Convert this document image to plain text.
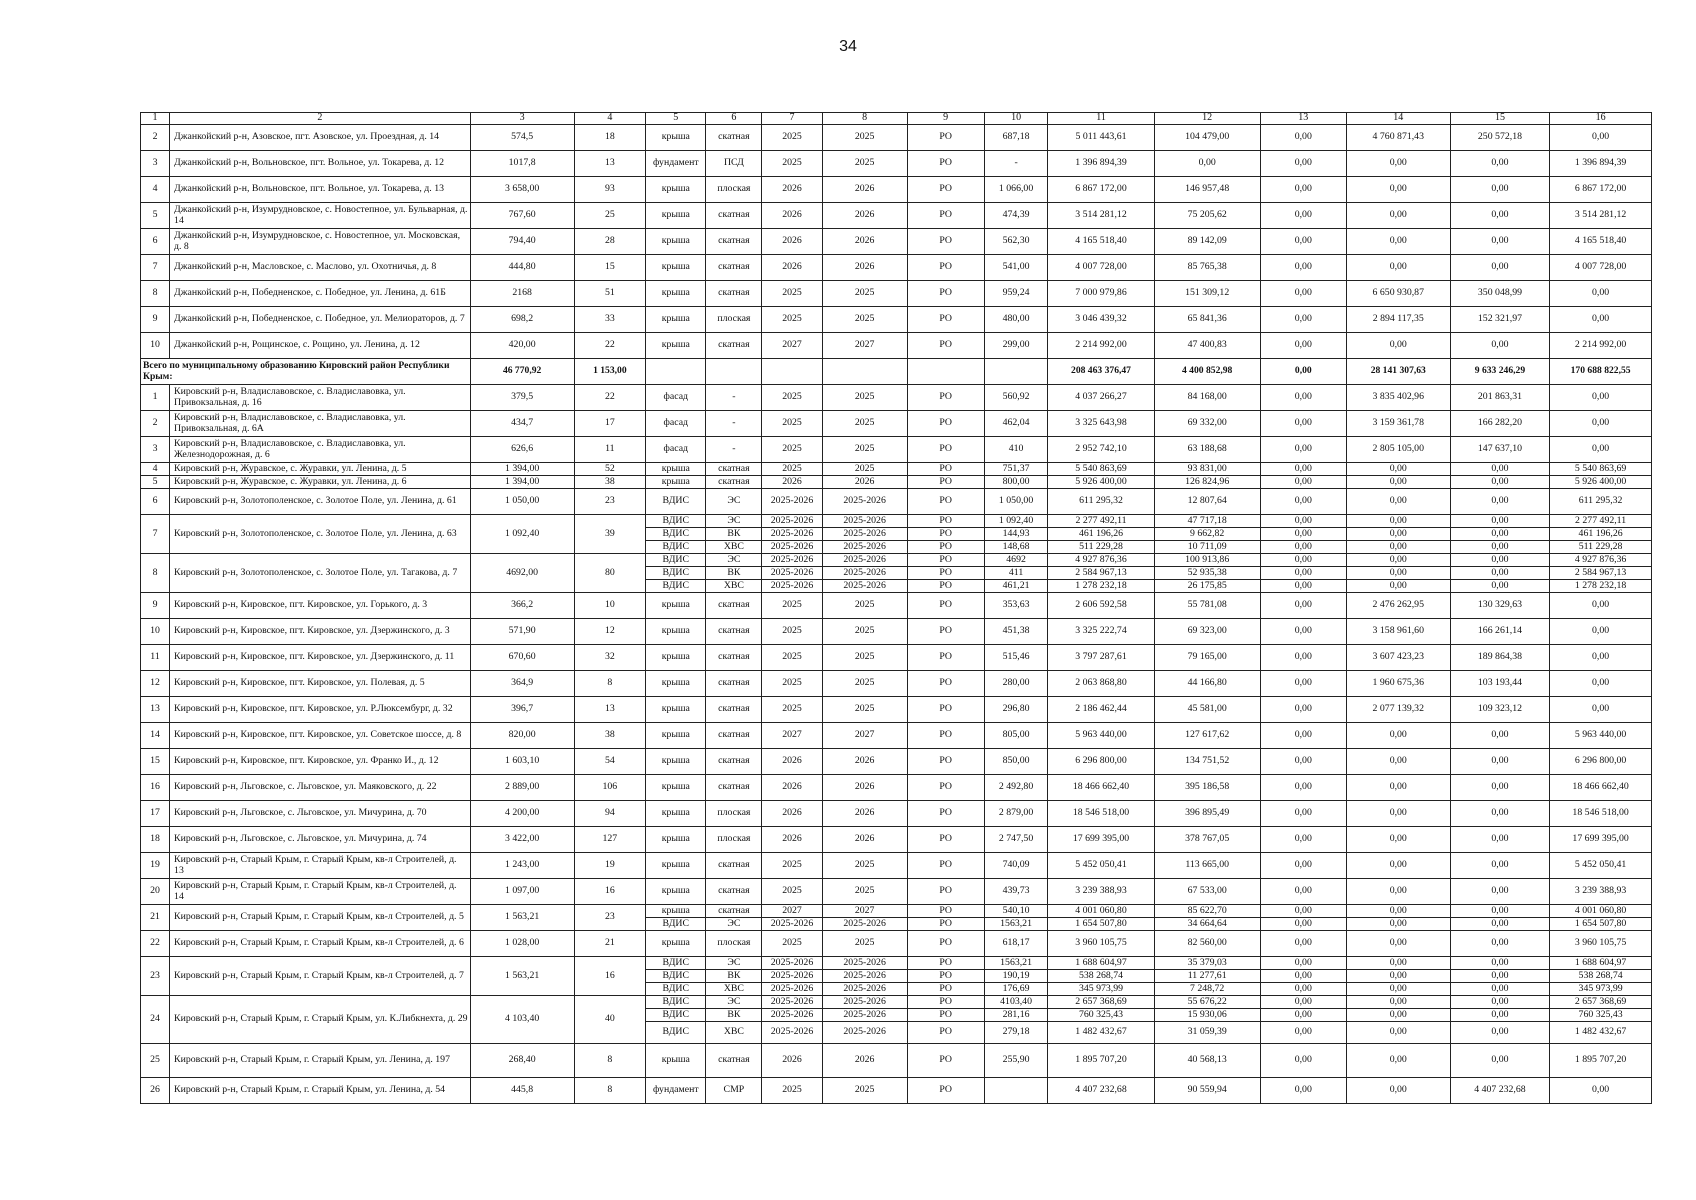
34
1	2	3	4	5	6	7	8	9	10	11	12	13	14	15	16
2	Джанкойский р-н, Азовское, пгт. Азовское, ул. Проездная, д. 14	574,5	18	крыша	скатная	2025	2025	РО	687,18	5 011 443,61	104 479,00	0,00	4 760 871,43	250 572,18	0,00
3	Джанкойский р-н, Вольновское, пгт. Вольное, ул. Токарева, д. 12	1017,8	13	фундамент	ПСД	2025	2025	РО	-	1 396 894,39	0,00	0,00	0,00	0,00	1 396 894,39
4	Джанкойский р-н, Вольновское, пгт. Вольное, ул. Токарева, д. 13	3 658,00	93	крыша	плоская	2026	2026	РО	1 066,00	6 867 172,00	146 957,48	0,00	0,00	0,00	6 867 172,00
5	Джанкойский р-н, Изумрудновское, с. Новостепное, ул. Бульварная, д. 14	767,60	25	крыша	скатная	2026	2026	РО	474,39	3 514 281,12	75 205,62	0,00	0,00	0,00	3 514 281,12
6	Джанкойский р-н, Изумрудновское, с. Новостепное, ул. Московская, д. 8	794,40	28	крыша	скатная	2026	2026	РО	562,30	4 165 518,40	89 142,09	0,00	0,00	0,00	4 165 518,40
7	Джанкойский р-н, Масловское, с. Маслово, ул. Охотничья, д. 8	444,80	15	крыша	скатная	2026	2026	РО	541,00	4 007 728,00	85 765,38	0,00	0,00	0,00	4 007 728,00
8	Джанкойский р-н, Победненское, с. Победное, ул. Ленина, д. 61Б	2168	51	крыша	скатная	2025	2025	РО	959,24	7 000 979,86	151 309,12	0,00	6 650 930,87	350 048,99	0,00
9	Джанкойский р-н, Победненское, с. Победное, ул. Мелиораторов, д. 7	698,2	33	крыша	плоская	2025	2025	РО	480,00	3 046 439,32	65 841,36	0,00	2 894 117,35	152 321,97	0,00
10	Джанкойский р-н, Рощинское, с. Рощино, ул. Ленина, д. 12	420,00	22	крыша	скатная	2027	2027	РО	299,00	2 214 992,00	47 400,83	0,00	0,00	0,00	2 214 992,00
Всего по муниципальному образованию Кировский район Республики Крым:		46 770,92	1 153,00							208 463 376,47	4 400 852,98	0,00	28 141 307,63	9 633 246,29	170 688 822,55
1	Кировский р-н, Владиславовское, с. Владиславовка, ул. Привокзальная, д. 16	379,5	22	фасад	-	2025	2025	РО	560,92	4 037 266,27	84 168,00	0,00	3 835 402,96	201 863,31	0,00
2	Кировский р-н, Владиславовское, с. Владиславовка, ул. Привокзальная, д. 6А	434,7	17	фасад	-	2025	2025	РО	462,04	3 325 643,98	69 332,00	0,00	3 159 361,78	166 282,20	0,00
3	Кировский р-н, Владиславовское, с. Владиславовка, ул. Железнодорожная, д. 6	626,6	11	фасад	-	2025	2025	РО	410	2 952 742,10	63 188,68	0,00	2 805 105,00	147 637,10	0,00
4	Кировский р-н, Журавское, с. Журавки, ул. Ленина, д. 5	1 394,00	52	крыша	скатная	2025	2025	РО	751,37	5 540 863,69	93 831,00	0,00	0,00	0,00	5 540 863,69
5	Кировский р-н, Журавское, с. Журавки, ул. Ленина, д. 6	1 394,00	38	крыша	скатная	2026	2026	РО	800,00	5 926 400,00	126 824,96	0,00	0,00	0,00	5 926 400,00
6	Кировский р-н, Золотополенское, с. Золотое Поле, ул. Ленина, д. 61	1 050,00	23	ВДИС	ЭС	2025-2026	2025-2026	РО	1 050,00	611 295,32	12 807,64	0,00	0,00	0,00	611 295,32
7	Кировский р-н, Золотополенское, с. Золотое Поле, ул. Ленина, д. 63	1 092,40	39	ВДИС	ЭС	2025-2026	2025-2026	РО	1 092,40	2 277 492,11	47 717,18	0,00	0,00	0,00	2 277 492,11
				ВДИС	ВК	2025-2026	2025-2026	РО	144,93	461 196,26	9 662,82	0,00	0,00	0,00	461 196,26
				ВДИС	ХВС	2025-2026	2025-2026	РО	148,68	511 229,28	10 711,09	0,00	0,00	0,00	511 229,28
8	Кировский р-н, Золотополенское, с. Золотое Поле, ул. Тагакова, д. 7	4692,00	80	ВДИС	ЭС	2025-2026	2025-2026	РО	4692	4 927 876,36	100 913,86	0,00	0,00	0,00	4 927 876,36
				ВДИС	ВК	2025-2026	2025-2026	РО	411	2 584 967,13	52 935,38	0,00	0,00	0,00	2 584 967,13
				ВДИС	ХВС	2025-2026	2025-2026	РО	461,21	1 278 232,18	26 175,85	0,00	0,00	0,00	1 278 232,18
9	Кировский р-н, Кировское, пгт. Кировское, ул. Горького, д. 3	366,2	10	крыша	скатная	2025	2025	РО	353,63	2 606 592,58	55 781,08	0,00	2 476 262,95	130 329,63	0,00
10	Кировский р-н, Кировское, пгт. Кировское, ул. Дзержинского, д. 3	571,90	12	крыша	скатная	2025	2025	РО	451,38	3 325 222,74	69 323,00	0,00	3 158 961,60	166 261,14	0,00
11	Кировский р-н, Кировское, пгт. Кировское, ул. Дзержинского, д. 11	670,60	32	крыша	скатная	2025	2025	РО	515,46	3 797 287,61	79 165,00	0,00	3 607 423,23	189 864,38	0,00
12	Кировский р-н, Кировское, пгт. Кировское, ул. Полевая, д. 5	364,9	8	крыша	скатная	2025	2025	РО	280,00	2 063 868,80	44 166,80	0,00	1 960 675,36	103 193,44	0,00
13	Кировский р-н, Кировское, пгт. Кировское, ул. Р.Люксембург, д. 32	396,7	13	крыша	скатная	2025	2025	РО	296,80	2 186 462,44	45 581,00	0,00	2 077 139,32	109 323,12	0,00
14	Кировский р-н, Кировское, пгт. Кировское, ул. Советское шоссе, д. 8	820,00	38	крыша	скатная	2027	2027	РО	805,00	5 963 440,00	127 617,62	0,00	0,00	0,00	5 963 440,00
15	Кировский р-н, Кировское, пгт. Кировское, ул. Франко И., д. 12	1 603,10	54	крыша	скатная	2026	2026	РО	850,00	6 296 800,00	134 751,52	0,00	0,00	0,00	6 296 800,00
16	Кировский р-н, Льговское, с. Льговское, ул. Маяковского, д. 22	2 889,00	106	крыша	скатная	2026	2026	РО	2 492,80	18 466 662,40	395 186,58	0,00	0,00	0,00	18 466 662,40
17	Кировский р-н, Льговское, с. Льговское, ул. Мичурина, д. 70	4 200,00	94	крыша	плоская	2026	2026	РО	2 879,00	18 546 518,00	396 895,49	0,00	0,00	0,00	18 546 518,00
18	Кировский р-н, Льговское, с. Льговское, ул. Мичурина, д. 74	3 422,00	127	крыша	плоская	2026	2026	РО	2 747,50	17 699 395,00	378 767,05	0,00	0,00	0,00	17 699 395,00
19	Кировский р-н, Старый Крым, г. Старый Крым, кв-л Строителей, д. 13	1 243,00	19	крыша	скатная	2025	2025	РО	740,09	5 452 050,41	113 665,00	0,00	0,00	0,00	5 452 050,41
20	Кировский р-н, Старый Крым, г. Старый Крым, кв-л Строителей, д. 14	1 097,00	16	крыша	скатная	2025	2025	РО	439,73	3 239 388,93	67 533,00	0,00	0,00	0,00	3 239 388,93
21	Кировский р-н, Старый Крым, г. Старый Крым, кв-л Строителей, д. 5	1 563,21	23	крыша	скатная	2027	2027	РО	540,10	4 001 060,80	85 622,70	0,00	0,00	0,00	4 001 060,80
				ВДИС	ЭС	2025-2026	2025-2026	РО	1563,21	1 654 507,80	34 664,64	0,00	0,00	0,00	1 654 507,80
22	Кировский р-н, Старый Крым, г. Старый Крым, кв-л Строителей, д. 6	1 028,00	21	крыша	плоская	2025	2025	РО	618,17	3 960 105,75	82 560,00	0,00	0,00	0,00	3 960 105,75
23	Кировский р-н, Старый Крым, г. Старый Крым, кв-л Строителей, д. 7	1 563,21	16	ВДИС	ЭС	2025-2026	2025-2026	РО	1563,21	1 688 604,97	35 379,03	0,00	0,00	0,00	1 688 604,97
				ВДИС	ВК	2025-2026	2025-2026	РО	190,19	538 268,74	11 277,61	0,00	0,00	0,00	538 268,74
				ВДИС	ХВС	2025-2026	2025-2026	РО	176,69	345 973,99	7 248,72	0,00	0,00	0,00	345 973,99
24	Кировский р-н, Старый Крым, г. Старый Крым, ул. К.Либкнехта, д. 29	4 103,40	40	ВДИС	ЭС	2025-2026	2025-2026	РО	4103,40	2 657 368,69	55 676,22	0,00	0,00	0,00	2 657 368,69
				ВДИС	ВК	2025-2026	2025-2026	РО	281,16	760 325,43	15 930,06	0,00	0,00	0,00	760 325,43
				ВДИС	ХВС	2025-2026	2025-2026	РО	279,18	1 482 432,67	31 059,39	0,00	0,00	0,00	1 482 432,67
25	Кировский р-н, Старый Крым, г. Старый Крым, ул. Ленина, д. 197	268,40	8	крыша	скатная	2026	2026	РО	255,90	1 895 707,20	40 568,13	0,00	0,00	0,00	1 895 707,20
26	Кировский р-н, Старый Крым, г. Старый Крым, ул. Ленина, д. 54	445,8	8	фундамент	СМР	2025	2025	РО		4 407 232,68	90 559,94	0,00	0,00	4 407 232,68	0,00
